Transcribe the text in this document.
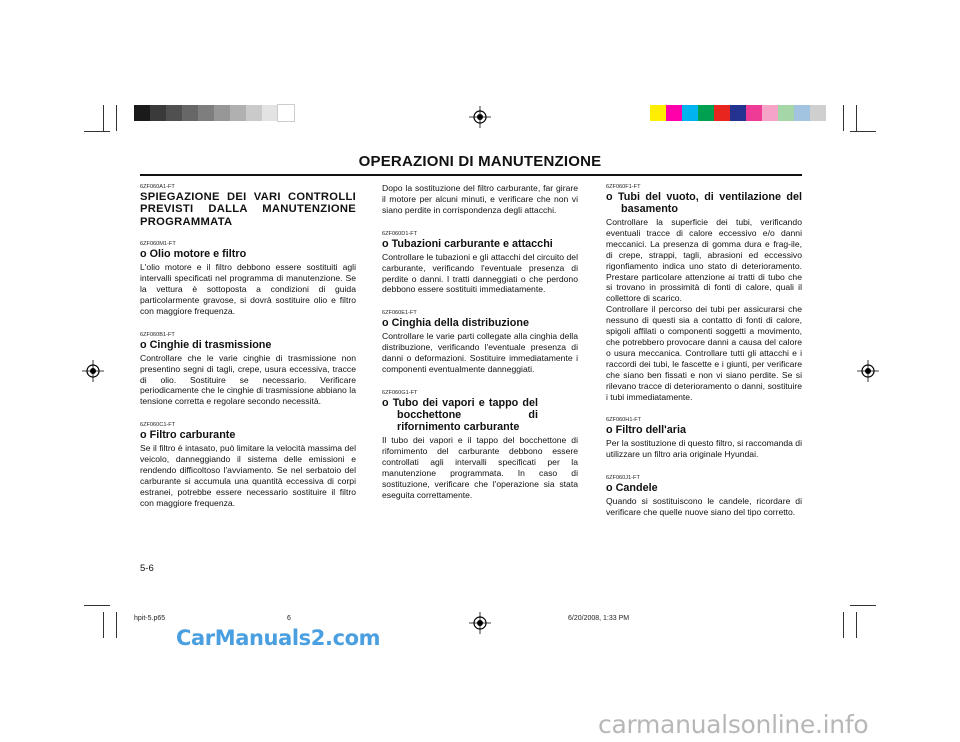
OPERAZIONI DI MANUTENZIONE
6ZF060A1-FT
SPIEGAZIONE DEI VARI CONTROLLI PREVISTI DALLA MANUTENZIONE PROGRAMMATA
6ZF060M1-FT
o Olio motore e filtro
L'olio motore e il filtro debbono essere sostituiti agli intervalli specificati nel programma di manutenzione. Se la vettura è sottoposta a condizioni di guida particolarmente gravose, si dovrà sostituire olio e filtro con maggiore frequenza.
6ZF060B1-FT
o Cinghie di trasmissione
Controllare che le varie cinghie di trasmissione non presentino segni di tagli, crepe, usura eccessiva, tracce di olio. Sostituire se necessario. Verificare periodicamente che le cinghie di trasmissione abbiano la tensione corretta e regolare secondo necessità.
6ZF060C1-FT
o Filtro carburante
Se il filtro è intasato, può limitare la velocità massima del veicolo, danneggiando il sistema delle emissioni e rendendo difficoltoso l'avviamento. Se nel serbatoio del carburante si accumula una quantità eccessiva di corpi estranei, potrebbe essere necessario sostituire il filtro con maggiore frequenza.
Dopo la sostituzione del filtro carburante, far girare il motore per alcuni minuti, e verificare che non vi siano perdite in corrispondenza degli attacchi.
6ZF060D1-FT
o Tubazioni carburante e attacchi
Controllare le tubazioni e gli attacchi del circuito del carburante, verificando l'eventuale presenza di perdite o danni. I tratti danneggiati o che perdono debbono essere sostituiti immediatamente.
6ZF060E1-FT
o Cinghia della distribuzione
Controllare le varie parti collegate alla cinghia della distribuzione, verificando l'eventuale presenza di danni o deformazioni. Sostituire immediatamente i componenti eventualmente danneggiati.
6ZF060G1-FT
o Tubo dei vapori e tappo del bocchettone di rifornimento carburante
Il tubo dei vapori e il tappo del bocchettone di rifornimento del carburante debbono essere controllati agli intervalli specificati per la manutenzione programmata. In caso di sostituzione, verificare che l'operazione sia stata eseguita correttamente.
6ZF060F1-FT
o Tubi del vuoto, di ventilazione del basamento
Controllare la superficie dei tubi, verificando eventuali tracce di calore eccessivo e/o danni meccanici. La presenza di gomma dura e frag-ile, di crepe, strappi, tagli, abrasioni ed eccessivo rigonfiamento indica uno stato di deterioramento. Prestare particolare attenzione ai tratti di tubo che si trovano in prossimità di fonti di calore, quali il collettore di scarico.
Controllare il percorso dei tubi per assicurarsi che nessuno di questi sia a contatto di fonti di calore, spigoli affilati o componenti soggetti a movimento, che potrebbero provocare danni a causa del calore o usura meccanica. Controllare tutti gli attacchi e i raccordi dei tubi, le fascette e i giunti, per verificare che siano ben fissati e non vi siano perdite. Se si rilevano tracce di deterioramento o danni, sostituire i tubi immediatamente.
6ZF060H1-FT
o Filtro dell'aria
Per la sostituzione di questo filtro, si raccomanda di utilizzare un filtro aria originale Hyundai.
6ZF060J1-FT
o Candele
Quando si sostituiscono le candele, ricordare di verificare che quelle nuove siano del tipo corretto.
5-6
hpit-5.p65	6	6/20/2008, 1:33 PM
CarManuals2.com
carmanualsonline.info
